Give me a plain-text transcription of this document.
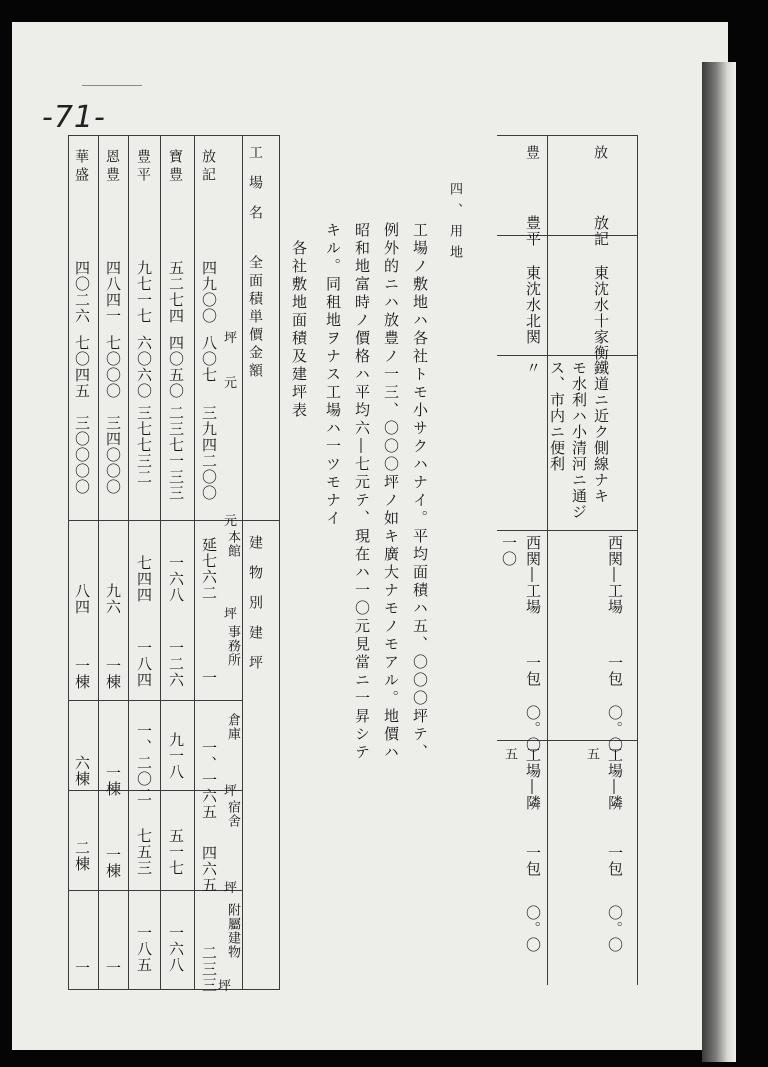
-71-
工場名
全面積単價金額
建物別建坪
本館
事務所
倉庫
宿舍
附屬建物
放記
四九〇〇
八〇七
三九四二〇〇
延七六二
一
一、一六五
四六五
二三三
坪
元
元
坪
坪
坪
坪
寶豊
五二七四
四〇五〇
二三七一三三
一六八
一二六
九一八
五一七
一六八
豊平
九七一七
六〇六〇
三七七三二
七四四
一八四
一、二〇二
七五三
一八五
恩豊
四八四一
七〇〇〇
三四〇〇〇
九六
一棟
一棟
一棟
一
華盛
四〇二六
七〇四五
三〇〇〇〇
八四
一棟
六棟
二棟
一
四、用地
工場ノ敷地ハ各社トモ小サクハナイ。平均面積ハ五、〇〇〇坪テ、
例外的ニハ放豊ノ一三、〇〇〇坪ノ如キ廣大ナモノモアル。地價ハ
昭和地富時ノ價格ハ平均六―七元テ、現在ハ一〇元見當ニ一昇シテ
キル。同租地ヲナス工場ハ一ツモナイ
各社敷地面積及建坪表
放
豊
放記
東沈水十家衡
鐵道ニ近ク側線ナキ
モ水利ハ小清河ニ通ジ
ス、市内ニ便利
西関―工場
一包
〇。〇
五 工場―隣
一包
〇。〇
豊平
東沈水北関
〃
一〇 西関―工場
一包
〇。〇
五 工場―隣
一包
〇。〇
